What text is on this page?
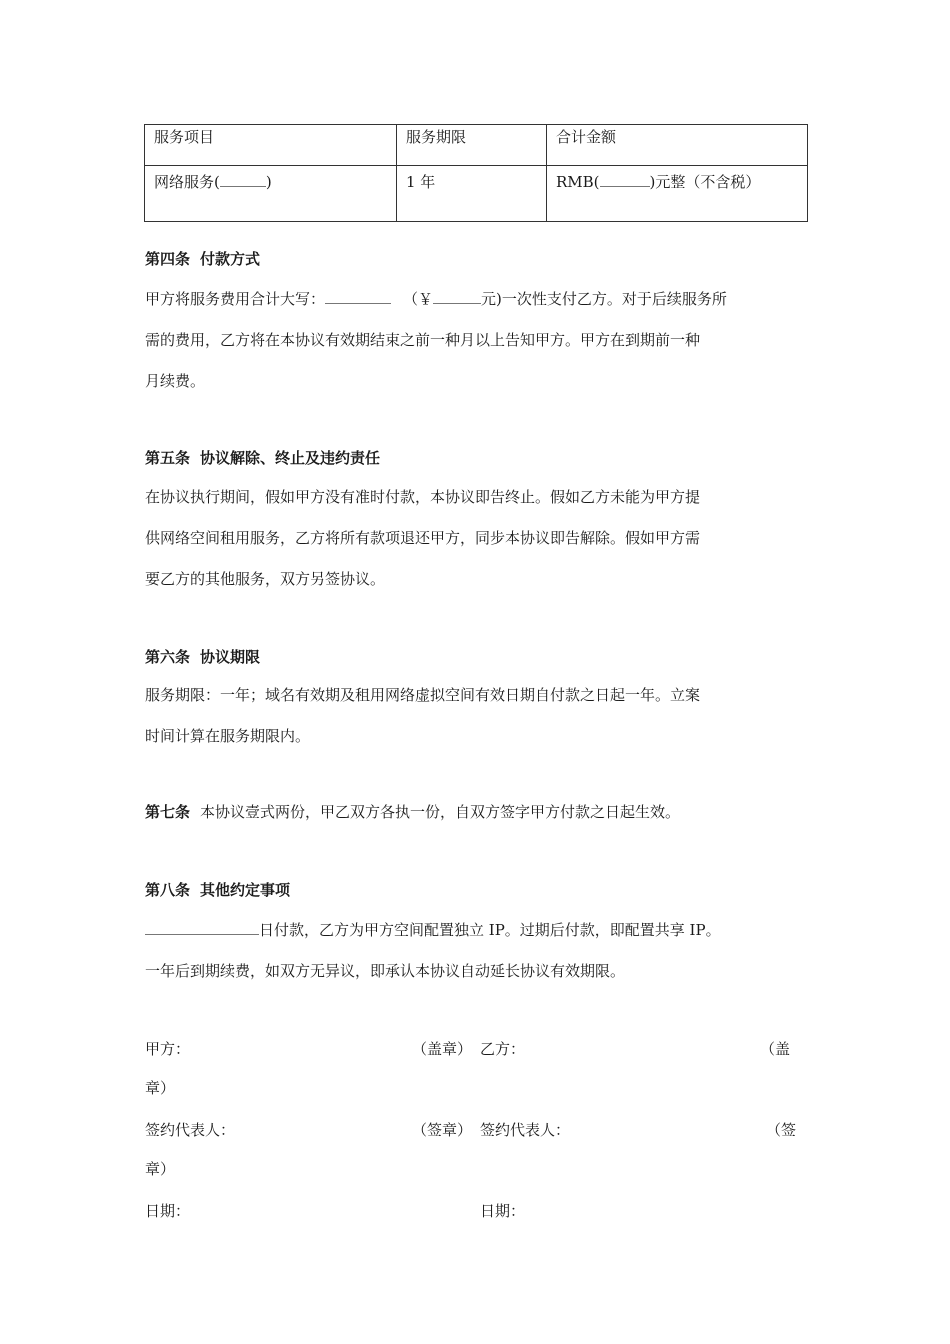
服务项目	服务期限	合计金额
网络服务( )	1 年	RMB( )元整（不含税）
第四条 付款方式
甲方将服务费用合计大写：	（￥	元)一次性支付乙方。对于后续服务所
需的费用，乙方将在本协议有效期结束之前一种月以上告知甲方。甲方在到期前一种
月续费。
第五条 协议解除、终止及违约责任
在协议执行期间，假如甲方没有准时付款，本协议即告终止。假如乙方未能为甲方提
供网络空间租用服务，乙方将所有款项退还甲方，同步本协议即告解除。假如甲方需
要乙方的其他服务，双方另签协议。
第六条 协议期限
服务期限：一年；域名有效期及租用网络虚拟空间有效日期自付款之日起一年。立案
时间计算在服务期限内。
第七条 本协议壹式两份，甲乙双方各执一份，自双方签字甲方付款之日起生效。
第八条 其他约定事项
日付款，乙方为甲方空间配置独立 IP。过期后付款，即配置共享 IP。
一年后到期续费，如双方无异议，即承认本协议自动延长协议有效期限。
甲方：	（盖章） 乙方：	（盖
章）
签约代表人：	（签章） 签约代表人：	（签
章）
日期：	日期：
